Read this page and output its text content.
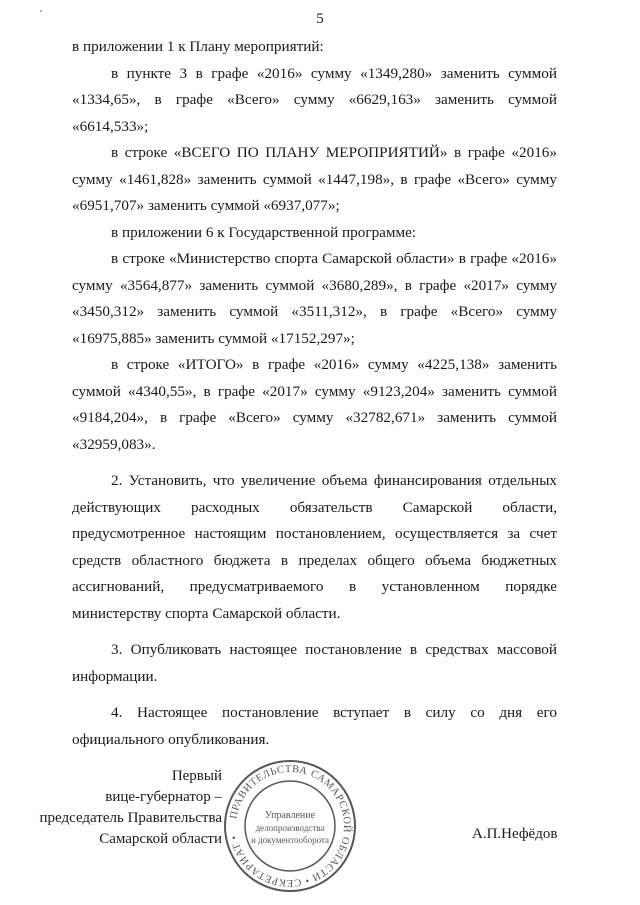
5

в приложении 1 к Плану мероприятий:

в пункте 3 в графе «2016» сумму «1349,280» заменить суммой «1334,65», в графе «Всего» сумму «6629,163» заменить суммой «6614,533»;

в строке «ВСЕГО ПО ПЛАНУ МЕРОПРИЯТИЙ» в графе «2016» сумму «1461,828» заменить суммой «1447,198», в графе «Всего» сумму «6951,707» заменить суммой «6937,077»;

в приложении 6 к Государственной программе:

в строке «Министерство спорта Самарской области» в графе «2016» сумму «3564,877» заменить суммой «3680,289», в графе «2017» сумму «3450,312» заменить суммой «3511,312», в графе «Всего» сумму «16975,885» заменить суммой «17152,297»;

в строке «ИТОГО» в графе «2016» сумму «4225,138» заменить суммой «4340,55», в графе «2017» сумму «9123,204» заменить суммой «9184,204», в графе «Всего» сумму «32782,671» заменить суммой «32959,083».

2. Установить, что увеличение объема финансирования отдельных действующих расходных обязательств Самарской области, предусмотренное настоящим постановлением, осуществляется за счет средств областного бюджета в пределах общего объема бюджетных ассигнований, предусматриваемого в установленном порядке министерству спорта Самарской области.

3. Опубликовать настоящее постановление в средствах массовой информации.

4. Настоящее постановление вступает в силу со дня его официального опубликования.

Первый
вице-губернатор –
председатель Правительства
Самарской области
ПРАВИТЕЛЬСТВА САМАРСКОЙ ОБЛАСТИ • СЕКРЕТАРИАТ •
Управление
делопроизводства
и документооборота	А.П.Нефёдов
